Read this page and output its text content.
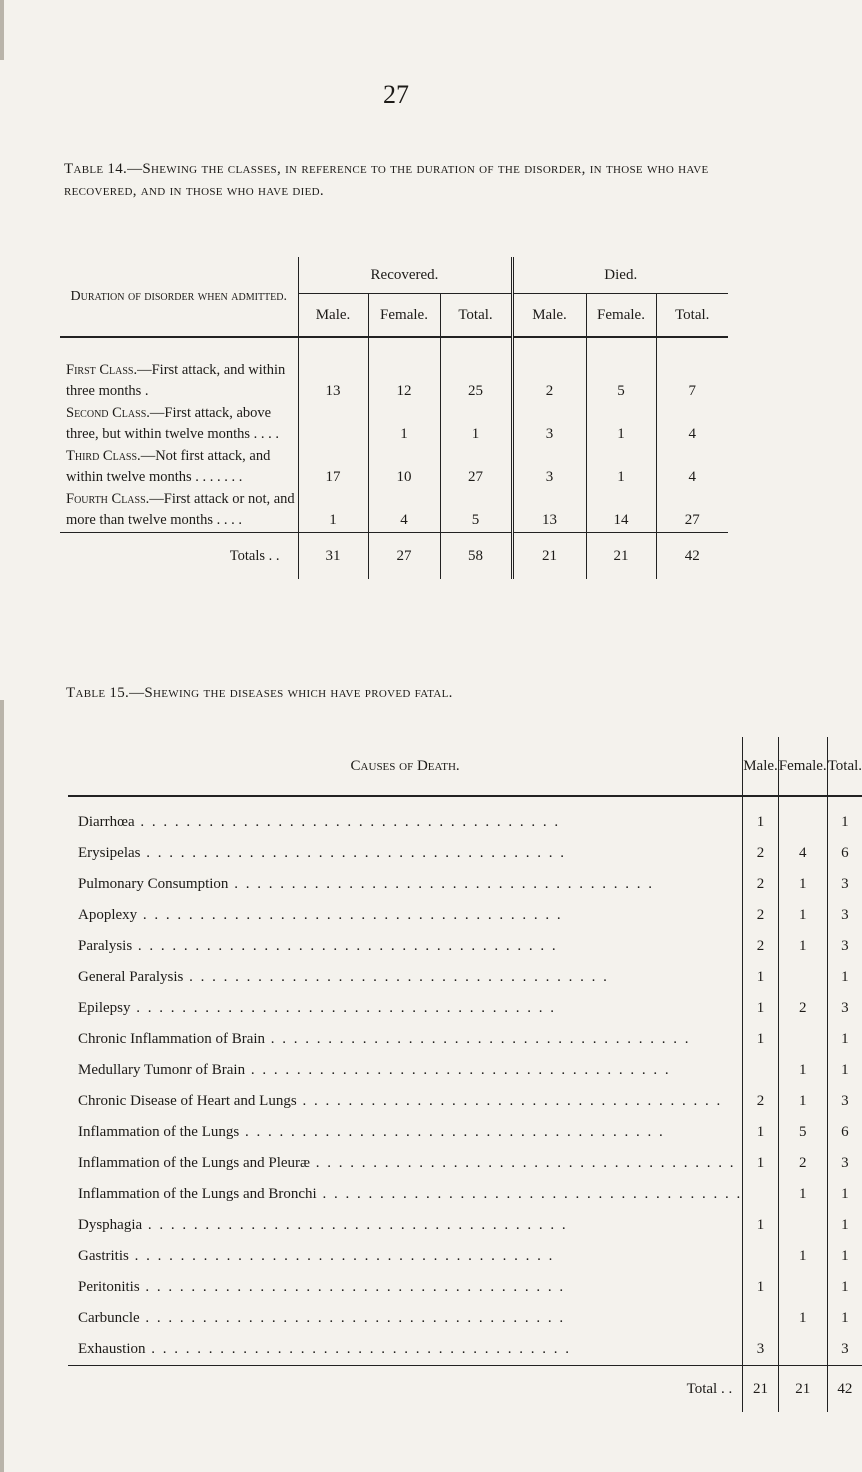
27
Table 14.—Shewing the classes, in reference to the duration of the disorder, in those who have recovered, and in those who have died.
Duration of disorder when admitted.	Recovered.			Died.		

	Male.	Female.	Total.	Male.	Female.	Total.
First Class.—First attack, and within three months .	13	12	25	2	5	7
Second Class.—First attack, above three, but within twelve months . . . .		1	1	3	1	4
Third Class.—Not first attack, and within twelve months . . . . . . .	17	10	27	3	1	4
Fourth Class.—First attack or not, and more than twelve months . . . .	1	4	5	13	14	27
Totals . .	31	27	58	21	21	42
Table 15.—Shewing the diseases which have proved fatal.
Causes of Death.	Male.	Female.	Total.
Diarrhœa . . . . . . . . . . . . . . . . . . . . . . . . . . . . . . . . . . . . .	1		1
Erysipelas . . . . . . . . . . . . . . . . . . . . . . . . . . . . . . . . . . . . .	2	4	6
Pulmonary Consumption . . . . . . . . . . . . . . . . . . . . . . . . . . . . . . . . . . . . .	2	1	3
Apoplexy . . . . . . . . . . . . . . . . . . . . . . . . . . . . . . . . . . . . .	2	1	3
Paralysis . . . . . . . . . . . . . . . . . . . . . . . . . . . . . . . . . . . . .	2	1	3
General Paralysis . . . . . . . . . . . . . . . . . . . . . . . . . . . . . . . . . . . . .	1		1
Epilepsy . . . . . . . . . . . . . . . . . . . . . . . . . . . . . . . . . . . . .	1	2	3
Chronic Inflammation of Brain . . . . . . . . . . . . . . . . . . . . . . . . . . . . . . . . . . . . .	1		1
Medullary Tumonr of Brain . . . . . . . . . . . . . . . . . . . . . . . . . . . . . . . . . . . . .		1	1
Chronic Disease of Heart and Lungs . . . . . . . . . . . . . . . . . . . . . . . . . . . . . . . . . . . . .	2	1	3
Inflammation of the Lungs . . . . . . . . . . . . . . . . . . . . . . . . . . . . . . . . . . . . .	1	5	6
Inflammation of the Lungs and Pleuræ . . . . . . . . . . . . . . . . . . . . . . . . . . . . . . . . . . . . .	1	2	3
Inflammation of the Lungs and Bronchi . . . . . . . . . . . . . . . . . . . . . . . . . . . . . . . . . . . . .		1	1
Dysphagia . . . . . . . . . . . . . . . . . . . . . . . . . . . . . . . . . . . . .	1		1
Gastritis . . . . . . . . . . . . . . . . . . . . . . . . . . . . . . . . . . . . .		1	1
Peritonitis . . . . . . . . . . . . . . . . . . . . . . . . . . . . . . . . . . . . .	1		1
Carbuncle . . . . . . . . . . . . . . . . . . . . . . . . . . . . . . . . . . . . .		1	1
Exhaustion . . . . . . . . . . . . . . . . . . . . . . . . . . . . . . . . . . . . .	3		3
Total . .	21	21	42
